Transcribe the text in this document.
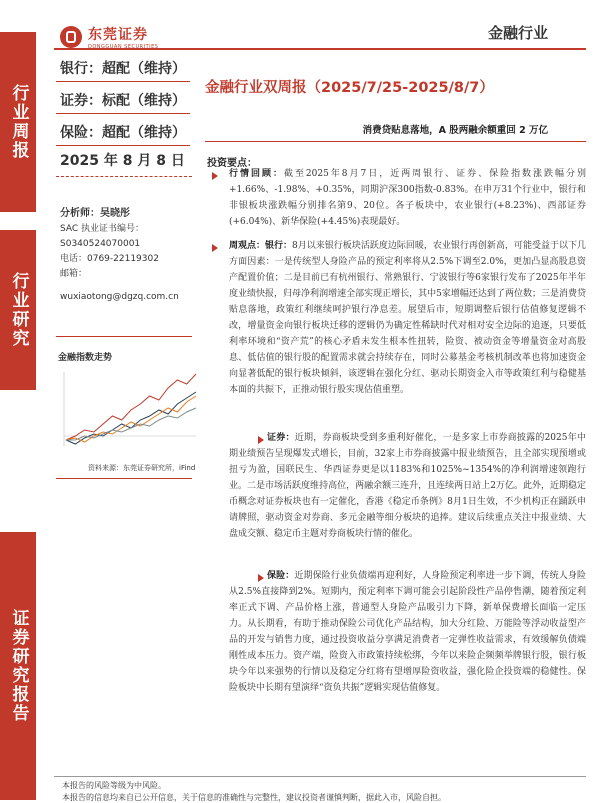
行业周报
行业研究
证券研究报告
东莞证券
DONGGUAN SECURITIES
金融行业
银行：超配（维持）
证券：标配（维持）
保险：超配（维持）
2025 年 8 月 8 日
分析师：吴晓彤
SAC 执业证书编号：
S0340524070001
电话：0769-22119302
邮箱：
wuxiaotong@dgzq.com.cn
金融指数走势
资料来源：东莞证券研究所，iFind
金融行业双周报（2025/7/25-2025/8/7）
消费贷贴息落地，A 股两融余额重回 2 万亿
投资要点：
行情回顾：截至2025年8月7日，近两周银行、证券、保险指数涨跌幅分别+1.66%、-1.98%、+0.35%，同期沪深300指数-0.83%。在申万31个行业中，银行和非银板块涨跌幅分别排名第9、20位。各子板块中，农业银行(+8.23%)、西部证券(+6.04%)、新华保险(+4.45%)表现最好。
周观点：银行：8月以来银行板块活跃度边际回暖，农业银行再创新高，可能受益于以下几方面因素：一是传统型人身险产品的预定利率将从2.5%下调至2.0%，更加凸显高股息资产配置价值；二是目前已有杭州银行、常熟银行、宁波银行等6家银行发布了2025年半年度业绩快报，归母净利润增速全部实现正增长，其中5家增幅还达到了两位数；三是消费贷贴息落地，政策红利继续呵护银行净息差。展望后市，短期调整后银行估值修复逻辑不改，增量资金向银行板块迁移的逻辑仍为确定性稀缺时代对相对安全边际的追逐，只要低利率环境和“资产荒”的核心矛盾未发生根本性扭转，险资、被动资金等增量资金对高股息、低估值的银行股的配置需求就会持续存在，同时公募基金考核机制改革也将加速资金向显著低配的银行板块倾斜，该逻辑在强化分红、驱动长期资金入市等政策红利与稳健基本面的共振下，正推动银行股实现估值重塑。
证券：近期，券商板块受到多重利好催化，一是多家上市券商披露的2025年中期业绩预告呈现爆发式增长，目前，32家上市券商披露中报业绩预告，且全部实现预增或扭亏为盈，国联民生、华西证券更是以1183%和1025%~1354%的净利润增速领跑行业。二是市场活跃度维持高位，两融余额三连升，且连续两日站上2万亿。此外，近期稳定币概念对证券板块也有一定催化，香港《稳定币条例》8月1日生效，不少机构正在踊跃申请牌照，驱动资金对券商、多元金融等细分板块的追捧。建议后续重点关注中报业绩、大盘成交额、稳定币主题对券商板块行情的催化。
保险：近期保险行业负债端再迎利好，人身险预定利率进一步下调，传统人身险从2.5%直接降到2%。短期内，预定利率下调可能会引起阶段性产品停售潮，随着预定利率正式下调、产品价格上涨，普通型人身险产品吸引力下降，新单保费增长面临一定压力。从长期看，有助于推动保险公司优化产品结构，加大分红险、万能险等浮动收益型产品的开发与销售力度，通过投资收益分享满足消费者一定弹性收益需求，有效缓解负债端刚性成本压力。资产端，险资入市政策持续松绑，今年以来险企频频举牌银行股，银行板块今年以来强势的行情以及稳定分红将有望增厚险资收益，强化险企投资端的稳健性。保险板块中长期有望演绎“资负共振”逻辑实现估值修复。
本报告的风险等级为中风险。
本报告的信息均来自已公开信息，关于信息的准确性与完整性，建议投资者谨慎判断，据此入市，风险自担。
